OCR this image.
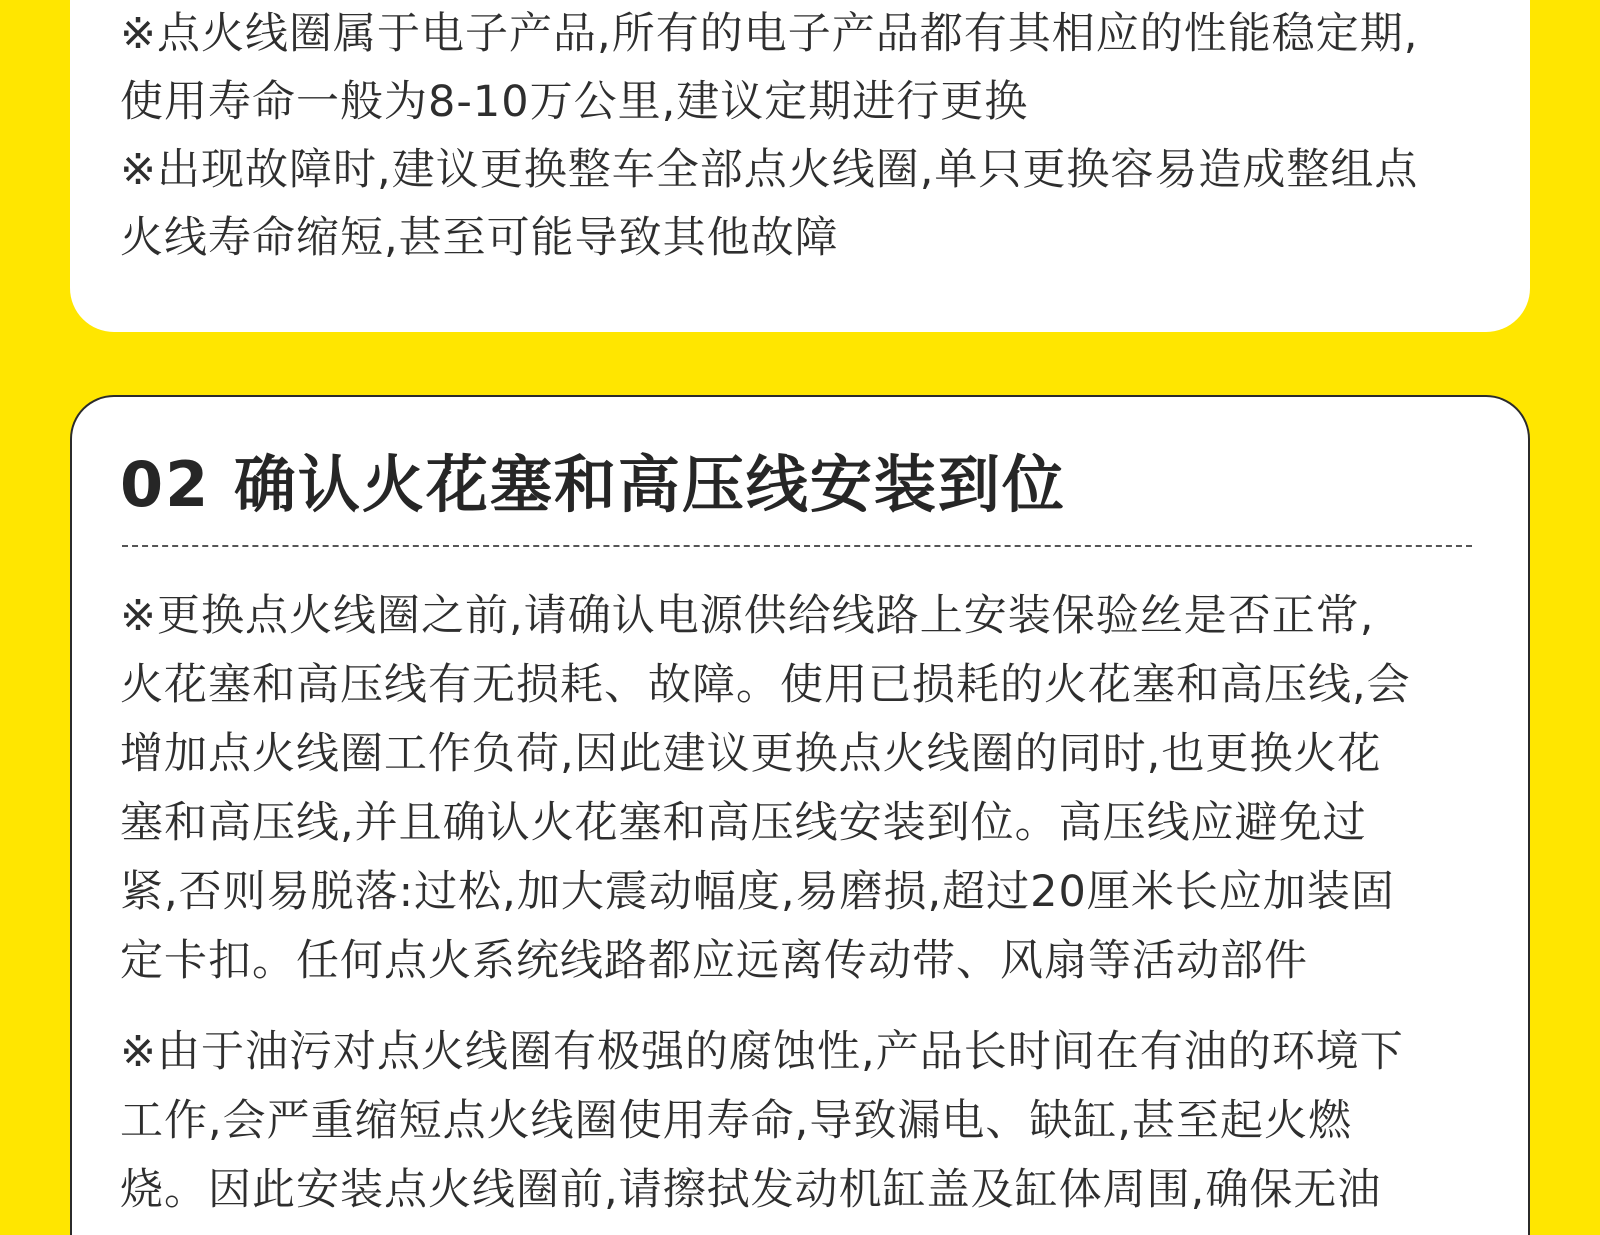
※点火线圈属于电子产品,所有的电子产品都有其相应的性能稳定期,
使用寿命一般为8-10万公里,建议定期进行更换

※出现故障时,建议更换整车全部点火线圈,单只更换容易造成整组点
火线寿命缩短,甚至可能导致其他故障

02 确认火花塞和高压线安装到位

※更换点火线圈之前,请确认电源供给线路上安装保验丝是否正常,
火花塞和高压线有无损耗、故障。使用已损耗的火花塞和高压线,会
增加点火线圈工作负荷,因此建议更换点火线圈的同时,也更换火花
塞和高压线,并且确认火花塞和高压线安装到位。高压线应避免过
紧,否则易脱落:过松,加大震动幅度,易磨损,超过20厘米长应加装固
定卡扣。任何点火系统线路都应远离传动带、风扇等活动部件

※由于油污对点火线圈有极强的腐蚀性,产品长时间在有油的环境下
工作,会严重缩短点火线圈使用寿命,导致漏电、缺缸,甚至起火燃
烧。因此安装点火线圈前,请擦拭发动机缸盖及缸体周围,确保无油
